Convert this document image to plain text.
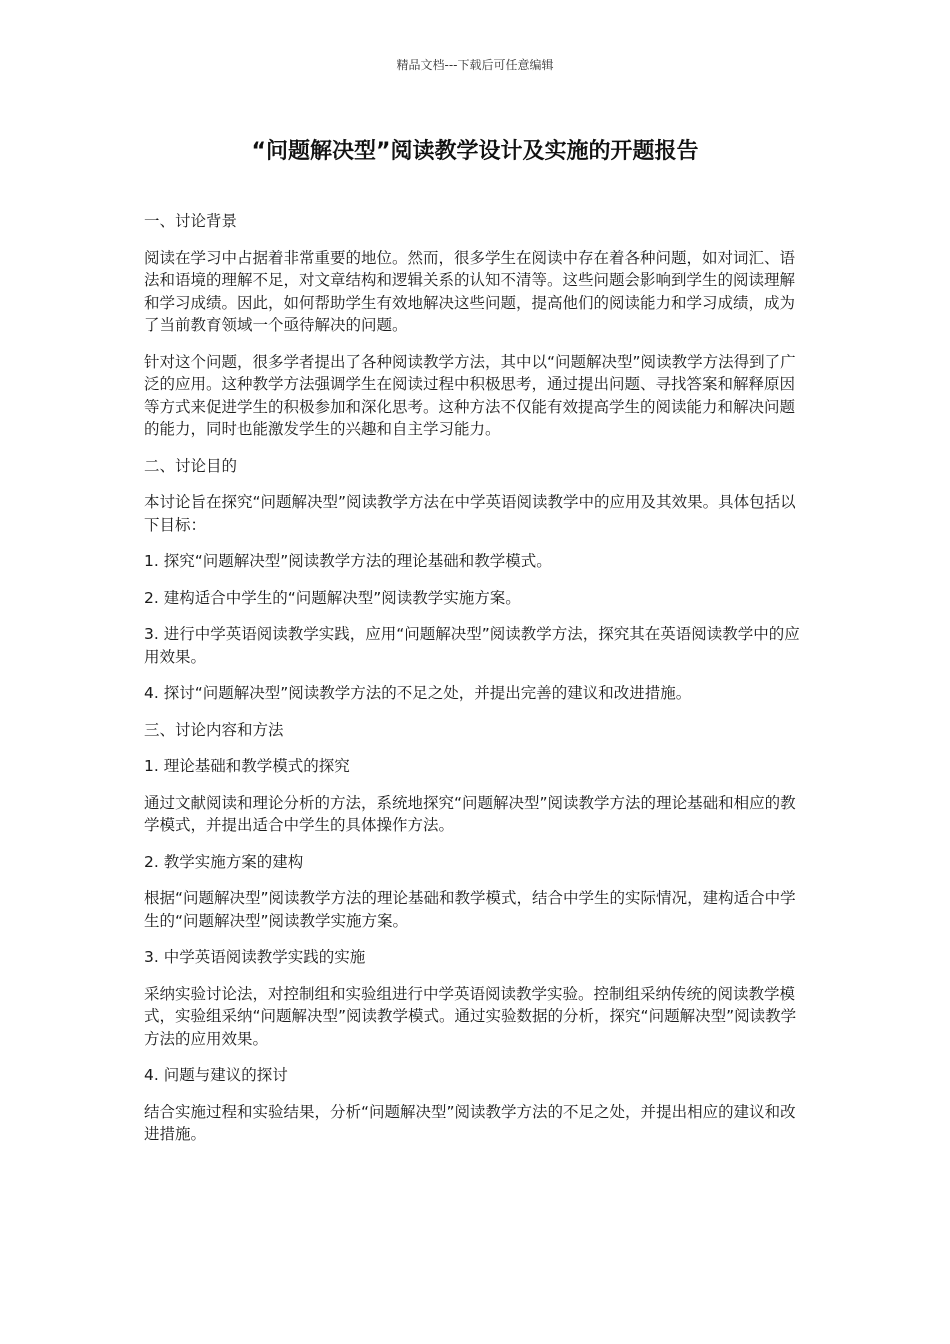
精品文档---下载后可任意编辑
“问题解决型”阅读教学设计及实施的开题报告

一、讨论背景

阅读在学习中占据着非常重要的地位。然而，很多学生在阅读中存在着各种问题，如对词汇、语法和语境的理解不足，对文章结构和逻辑关系的认知不清等。这些问题会影响到学生的阅读理解和学习成绩。因此，如何帮助学生有效地解决这些问题，提高他们的阅读能力和学习成绩，成为了当前教育领域一个亟待解决的问题。

针对这个问题，很多学者提出了各种阅读教学方法，其中以“问题解决型”阅读教学方法得到了广泛的应用。这种教学方法强调学生在阅读过程中积极思考，通过提出问题、寻找答案和解释原因等方式来促进学生的积极参加和深化思考。这种方法不仅能有效提高学生的阅读能力和解决问题的能力，同时也能激发学生的兴趣和自主学习能力。

二、讨论目的

本讨论旨在探究“问题解决型”阅读教学方法在中学英语阅读教学中的应用及其效果。具体包括以下目标：

1. 探究“问题解决型”阅读教学方法的理论基础和教学模式。

2. 建构适合中学生的“问题解决型”阅读教学实施方案。

3. 进行中学英语阅读教学实践，应用“问题解决型”阅读教学方法，探究其在英语阅读教学中的应用效果。

4. 探讨“问题解决型”阅读教学方法的不足之处，并提出完善的建议和改进措施。

三、讨论内容和方法

1. 理论基础和教学模式的探究

通过文献阅读和理论分析的方法，系统地探究“问题解决型”阅读教学方法的理论基础和相应的教学模式，并提出适合中学生的具体操作方法。

2. 教学实施方案的建构

根据“问题解决型”阅读教学方法的理论基础和教学模式，结合中学生的实际情况，建构适合中学生的“问题解决型”阅读教学实施方案。

3. 中学英语阅读教学实践的实施

采纳实验讨论法，对控制组和实验组进行中学英语阅读教学实验。控制组采纳传统的阅读教学模式，实验组采纳“问题解决型”阅读教学模式。通过实验数据的分析，探究“问题解决型”阅读教学方法的应用效果。

4. 问题与建议的探讨

结合实施过程和实验结果，分析“问题解决型”阅读教学方法的不足之处，并提出相应的建议和改进措施。
